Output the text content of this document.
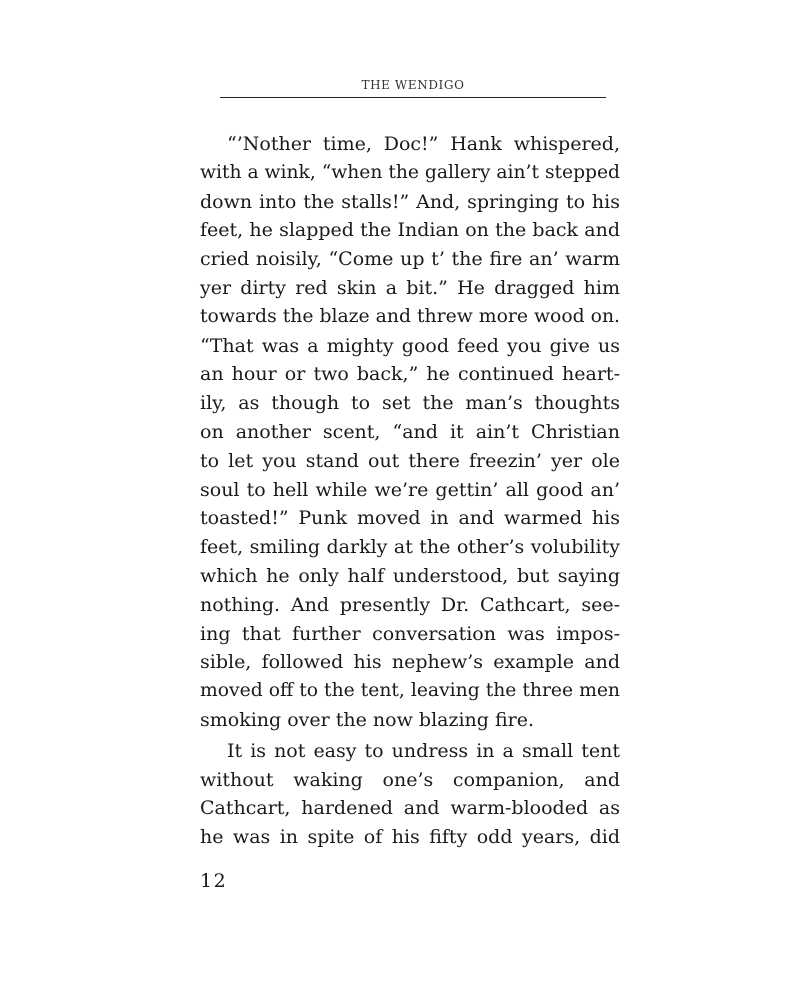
THE WENDIGO
“’Nother time, Doc!” Hank whispered,
with a wink, “when the gallery ain’t stepped
down into the stalls!” And, springing to his
feet, he slapped the Indian on the back and
cried noisily, “Come up t’ the fire an’ warm
yer dirty red skin a bit.” He dragged him
towards the blaze and threw more wood on.
“That was a mighty good feed you give us
an hour or two back,” he continued heart-
ily, as though to set the man’s thoughts
on another scent, “and it ain’t Christian
to let you stand out there freezin’ yer ole
soul to hell while we’re gettin’ all good an’
toasted!” Punk moved in and warmed his
feet, smiling darkly at the other’s volubility
which he only half understood, but saying
nothing. And presently Dr. Cathcart, see-
ing that further conversation was impos-
sible, followed his nephew’s example and
moved off to the tent, leaving the three men
smoking over the now blazing fire.
It is not easy to undress in a small tent
without waking one’s companion, and
Cathcart, hardened and warm-blooded as
he was in spite of his fifty odd years, did
12
